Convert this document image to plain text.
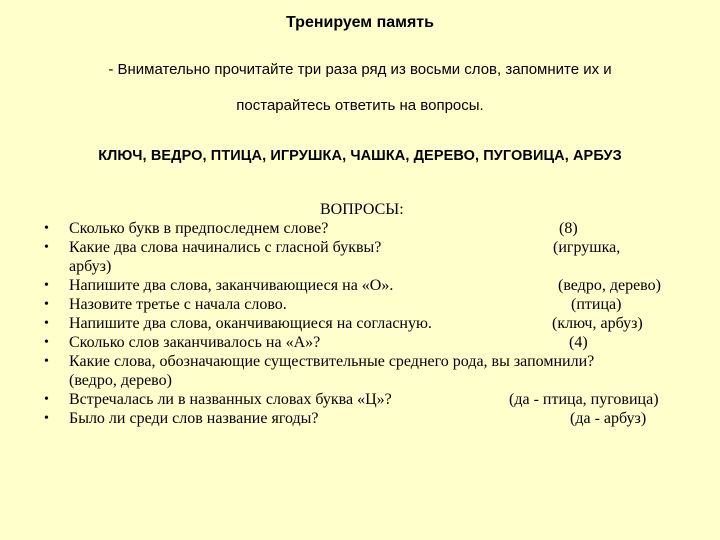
Тренируем память
- Внимательно прочитайте три раза ряд из восьми слов, запомните их и
постарайтесь ответить на вопросы.
КЛЮЧ, ВЕДРО, ПТИЦА, ИГРУШКА, ЧАШКА, ДЕРЕВО, ПУГОВИЦА, АРБУЗ
ВОПРОСЫ:
• Сколько букв в предпоследнем слове?	(8)
• Какие два слова начинались с гласной буквы?	(игрушка,
арбуз)
• Напишите два слова, заканчивающиеся на «О».	(ведро, дерево)
• Назовите третье с начала слово.	(птица)
• Напишите два слова, оканчивающиеся на согласную.	(ключ, арбуз)
• Сколько слов заканчивалось на «А»?	(4)
• Какие слова, обозначающие существительные среднего рода, вы запомнили?
(ведро, дерево)
• Встречалась ли в названных словах буква «Ц»?	(да - птица, пуговица)
• Было ли среди слов название ягоды?	(да - арбуз)
